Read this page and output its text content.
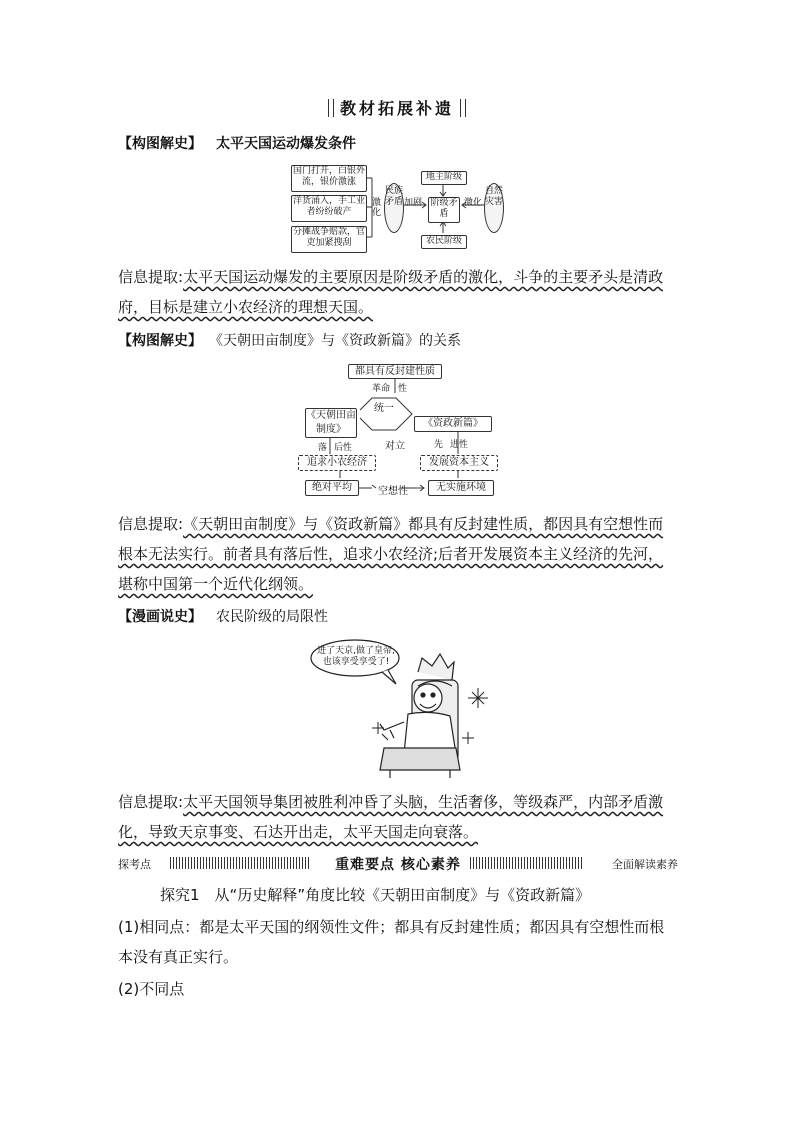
教材拓展补遗
【构图解史】 太平天国运动爆发条件
国门打开，白银外流，银价激涨
洋货涌入，手工业者纷纷破产
分摊战争赔款，官吏加紧搜刮
激化
民族矛盾 加剧
地主阶级
阶级矛盾
农民阶级
激化
自然灾害
信息提取:太平天国运动爆发的主要原因是阶级矛盾的激化，斗争的主要矛头是清政府，目标是建立小农经济的理想天国。
【构图解史】 《天朝田亩制度》与《资政新篇》的关系
都具有反封建性质
革命 性
统一
对立
《天朝田亩制度》
《资政新篇》
落 后性	先 进性
追求小农经济	发展资本主义
绝对平均	空想性	无实施环境
信息提取:《天朝田亩制度》与《资政新篇》都具有反封建性质，都因具有空想性而根本无法实行。前者具有落后性，追求小农经济;后者开发展资本主义经济的先河，堪称中国第一个近代化纲领。
【漫画说史】 农民阶级的局限性
进了天京,做了皇帝,也该享受享受了!
信息提取:太平天国领导集团被胜利冲昏了头脑，生活奢侈，等级森严，内部矛盾激化，导致天京事变、石达开出走，太平天国走向衰落。
探考点	重难要点 核心素养	全面解读素养
探究1　从“历史解释”角度比较《天朝田亩制度》与《资政新篇》
(1)相同点：都是太平天国的纲领性文件；都具有反封建性质；都因具有空想性而根本没有真正实行。
(2)不同点
